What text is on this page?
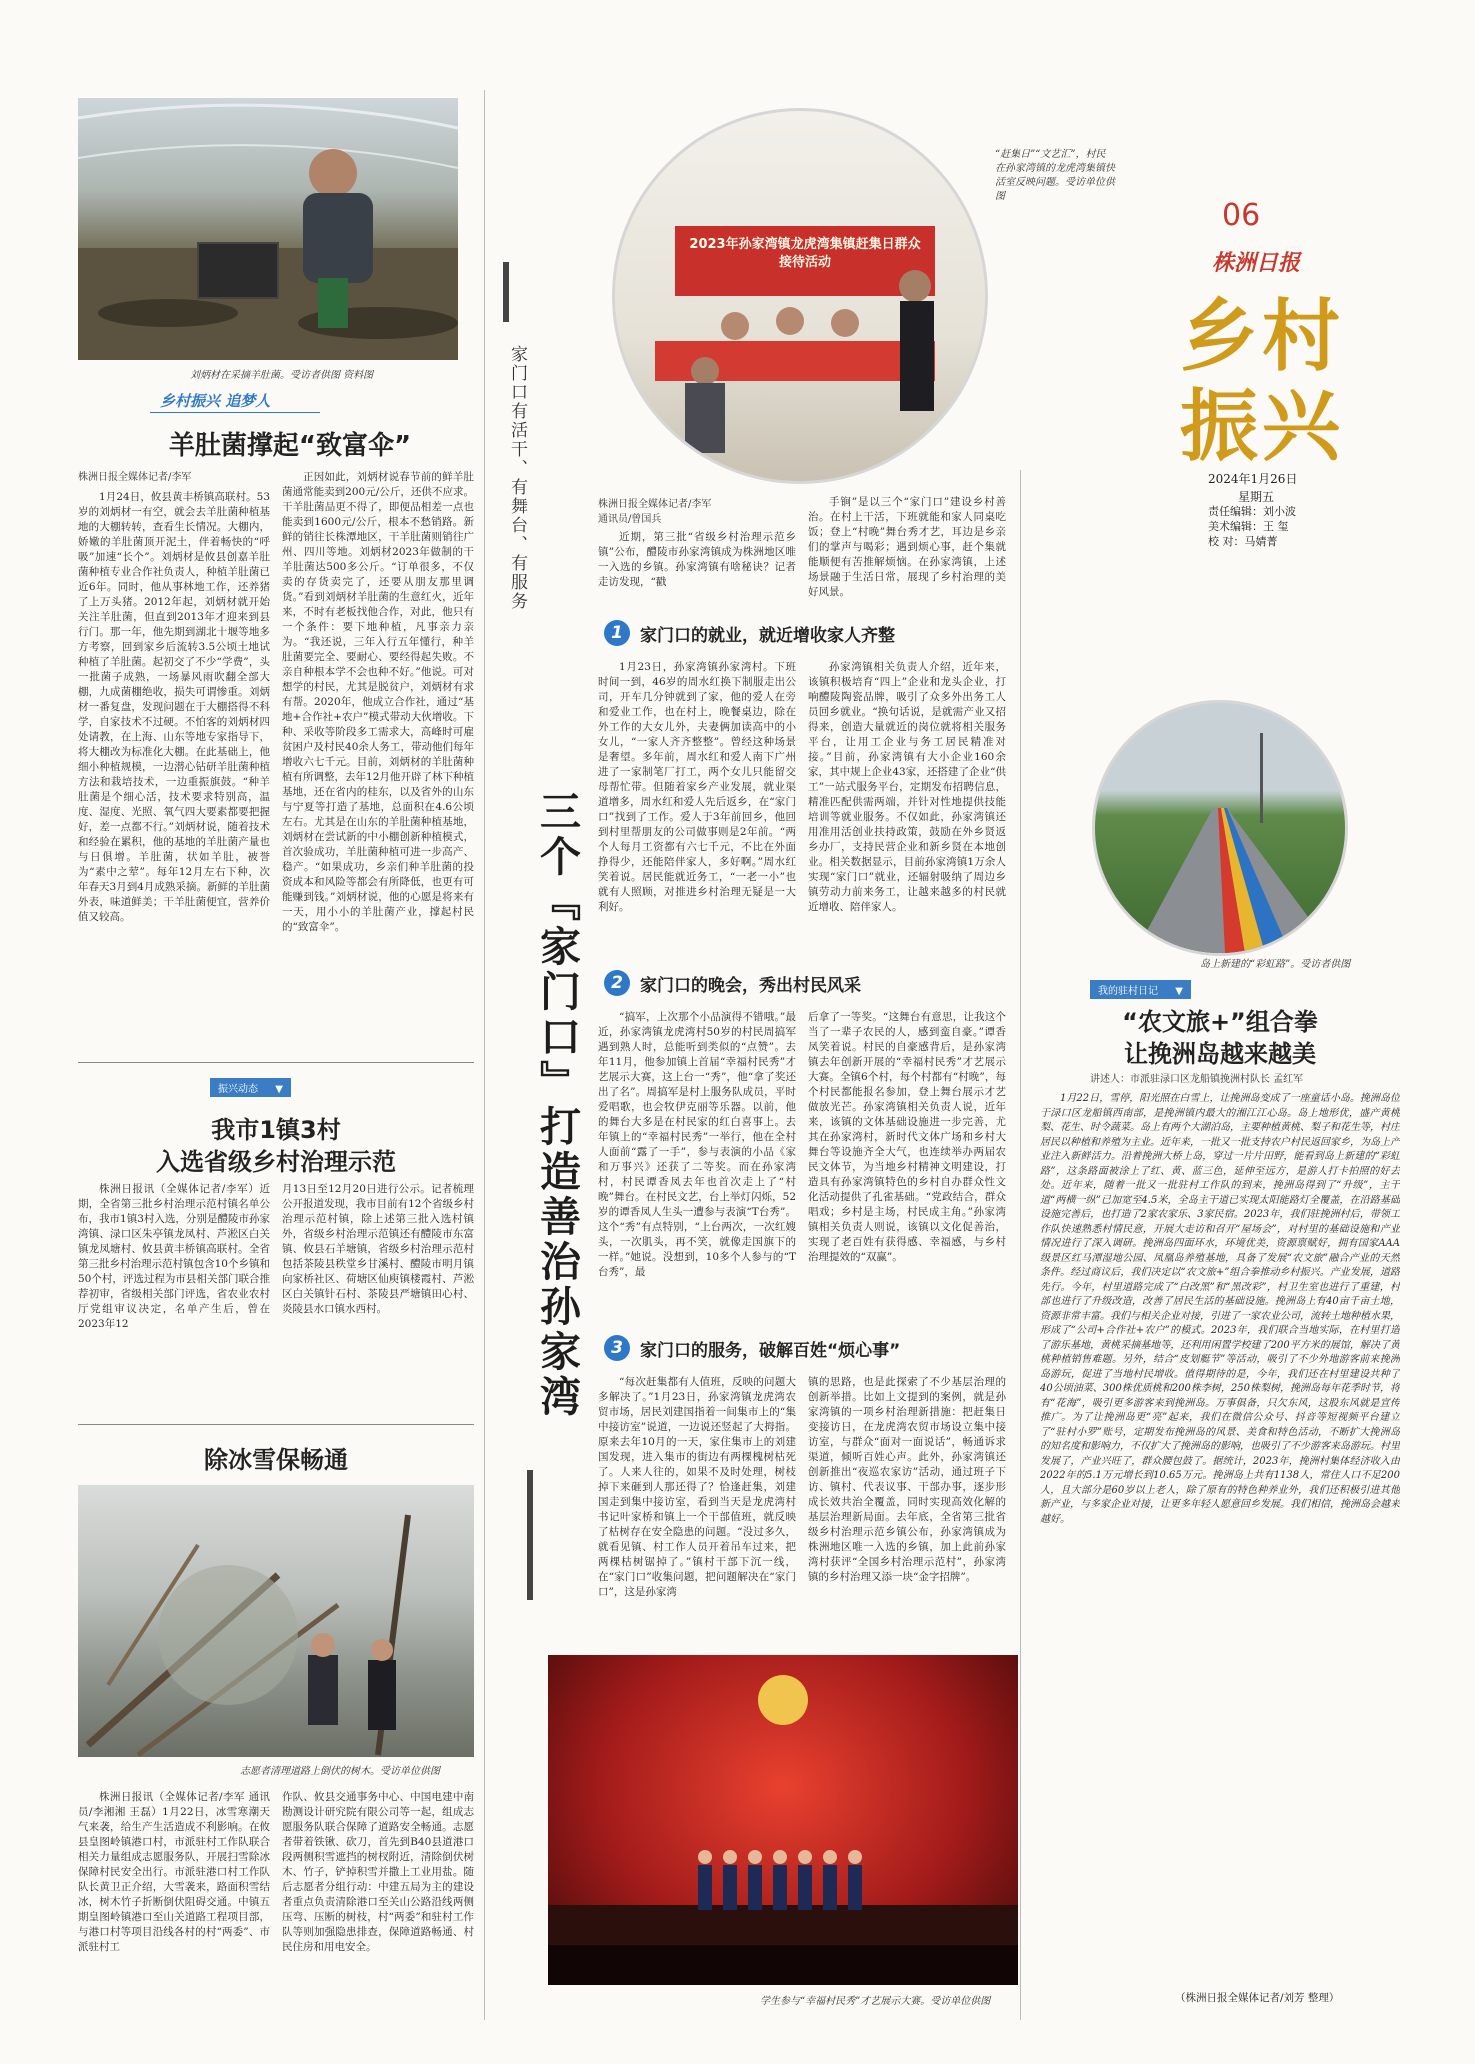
刘炳材在采摘羊肚菌。受访者供图 资料图
乡村振兴 追梦人
羊肚菌撑起“致富伞”
株洲日报全媒体记者/李军

1月24日，攸县黄丰桥镇高联村。53岁的刘炳材一有空，就会去羊肚菌种植基地的大棚转转，查看生长情况。大棚内，娇嫩的羊肚菌顶开泥土，伴着畅快的“呼吸”加速“长个”。刘炳材是攸县创嘉羊肚菌种植专业合作社负责人，种植羊肚菌已近6年。同时，他从事林地工作，还养猪了上万头猪。2012年起，刘炳材就开始关注羊肚菌，但直到2013年才迎来到县行门。那一年，他先期到湖北十堰等地多方考察，回到家乡后流转3.5公顷土地试种植了羊肚菌。起初交了不少“学费”，头一批菌子成熟，一场暴风雨吹翻全部大棚，九成菌棚绝收，损失可谓惨重。刘炳材一番复盘，发现问题在于大棚搭得不科学，自家技术不过硬。不怕客的刘炳材四处请教，在上海、山东等地专家指导下，将大棚改为标准化大棚。在此基础上，他细小种植规模，一边潜心钻研羊肚菌种植方法和栽培技术，一边重振旗鼓。“种羊肚菌是个细心活，技术要求特别高，温度、湿度、光照、氧气四大要素都要把握好，差一点都不行。”刘炳材说，随着技术和经验在累积，他的基地的羊肚菌产量也与日俱增。羊肚菌，状如羊肚，被誉为“素中之荤”。每年12月左右下种，次年春天3月到4月成熟采摘。新鲜的羊肚菌外表，味道鲜美；干羊肚菌便宜，营养价值又较高。

正因如此，刘炳材说春节前的鲜羊肚菌通常能卖到200元/公斤，还供不应求。干羊肚菌品更不得了，即便品相差一点也能卖到1600元/公斤，根本不愁销路。新鲜的销往长株潭地区，干羊肚菌则销往广州、四川等地。刘炳材2023年做制的干羊肚菌达500多公斤。“订单很多，不仅卖的存货卖完了，还要从朋友那里调货。”看到刘炳材羊肚菌的生意红火，近年来，不时有老板找他合作，对此，他只有一个条件：要下地种植，凡事亲力亲为。“我还说，三年入行五年懂行，种羊肚菌要完全、要耐心、要经得起失败。不亲自种根本学不会也种不好。”他说。可对想学的村民，尤其是脱贫户，刘炳材有求有帮。2020年，他成立合作社，通过“基地+合作社+农户”模式带动大伙增收。下种、采收等阶段多工需求大，高峰时可雇贫困户及村民40余人务工，带动他们每年增收六七千元。目前，刘炳材的羊肚菌种植有所调整，去年12月他开辟了林下种植基地，还在省内的桂东，以及省外的山东与宁夏等打造了基地，总面积在4.6公顷左右。尤其是在山东的羊肚菌种植基地，刘炳材在尝试新的中小棚创新种植模式，首次验成功，羊肚菌种植可进一步高产、稳产。“如果成功，乡亲们种羊肚菌的投资成本和风险等都会有所降低，也更有可能赚到钱。”刘炳材说，他的心愿是将来有一天，用小小的羊肚菌产业，撑起村民的“致富伞”。

振兴动态 ▼
我市1镇3村
入选省级乡村治理示范

株洲日报讯（全媒体记者/李军）近期，全省第三批乡村治理示范村镇名单公布，我市1镇3村入选，分别是醴陵市孙家湾镇、渌口区朱亭镇龙凤村、芦淞区白关镇龙凤塘村、攸县黄丰桥镇高联村。全省第三批乡村治理示范村镇包含10个乡镇和50个村，评选过程为市县相关部门联合推荐初审，省级相关部门评选，省农业农村厅党组审议决定，名单产生后，曾在2023年12

月13日至12月20日进行公示。记者梳理公开报道发现，我市目前有12个省级乡村治理示范村镇，除上述第三批入选村镇外，省级乡村治理示范镇还有醴陵市东富镇、攸县石羊塘镇，省级乡村治理示范村包括茶陵县秩堂乡甘溪村、醴陵市明月镇向家桥社区、荷塘区仙庾镇楼霞村、芦淞区白关镇针石村、茶陵县严塘镇田心村、炎陵县水口镇水西村。

除冰雪保畅通
志愿者清理道路上倒伏的树木。受访单位供图

株洲日报讯（全媒体记者/李军 通讯员/李湘湘 王磊）1月22日，冰雪寒潮天气来袭，给生产生活造成不利影响。在攸县皇图岭镇港口村，市派驻村工作队联合相关力量组成志愿服务队，开展扫雪除冰保障村民安全出行。市派驻港口村工作队队长黄卫正介绍，大雪袭来，路面积雪结冰，树木竹子折断倒伏阻碍交通。中镇五期皇图岭镇港口至山关道路工程项目部，与港口村等项目沿线各村的村“两委”、市派驻村工

作队、攸县交通事务中心、中国电建中南勘测设计研究院有限公司等一起，组成志愿服务队联合保障了道路安全畅通。志愿者带着铁锹、砍刀，首先到B40县道港口段两侧积雪遮挡的树杈附近，清除倒伏树木、竹子，铲掉积雪并撒上工业用盐。随后志愿者分组行动：中建五局为主的建设者重点负责清除港口至关山公路沿线两侧压弯、压断的树枝，村“两委”和驻村工作队等则加强隐患排查，保障道路畅通、村民住房和用电安全。

2023年孙家湾镇龙虎湾集镇赶集日群众接待活动
“赶集日”“文艺汇”，村民在孙家湾镇的龙虎湾集镇快活室反映问题。受访单位供图
家门口有活干、有舞台、有服务
三个『家门口』打造善治孙家湾
株洲日报全媒体记者/李军
通讯员/曾国兵

近期，第三批“省级乡村治理示范乡镇”公布，醴陵市孙家湾镇成为株洲地区唯一入选的乡镇。孙家湾镇有啥秘诀？记者走访发现，“戳

手锏”是以三个“家门口”建设乡村善治。在村上干活，下班就能和家人同桌吃饭；登上“村晚”舞台秀才艺，耳边是乡亲们的掌声与喝彩；遇到烦心事，赶个集就能顺便有苦推解烦恼。在孙家湾镇，上述场景融于生活日常，展现了乡村治理的美好风景。

1	家门口的就业，就近增收家人齐整

1月23日，孙家湾镇孙家湾村。下班时间一到，46岁的周水红换下制服走出公司，开车几分钟就到了家，他的爱人在旁和爱业工作，也在村上，晚餐桌边，除在外工作的大女儿外，夫妻俩加读高中的小女儿，“一家人齐齐整整”。曾经这种场景是奢望。多年前，周水红和爱人南下广州进了一家制笔厂打工，两个女儿只能留交母帮忙带。但随着家乡产业发展，就业渠道增多，周水红和爱人先后返乡，在“家门口”找到了工作。爱人于3年前回乡，他回到村里帮朋友的公司做事则是2年前。“两个人每月工资都有六七千元，不比在外面挣得少，还能陪伴家人，多好啊。”周水红笑着说。居民能就近务工，“一老一小”也就有人照顾，对推进乡村治理无疑是一大利好。

孙家湾镇相关负责人介绍，近年来，该镇积极培育“四上”企业和龙头企业，打响醴陵陶瓷品牌，吸引了众多外出务工人员回乡就业。“换句话说，是就需产业又招得来，创造大量就近的岗位就将相关服务平台，让用工企业与务工居民精准对接。”目前，孙家湾镇有大小企业160余家，其中规上企业43家，还搭建了企业“供工”一站式服务平台，定期发布招聘信息，精准匹配供需两端，并针对性地提供技能培训等就业服务。不仅如此，孙家湾镇还用准用活创业扶持政策，鼓励在外乡贤返乡办厂，支持民营企业和新乡贤在本地创业。相关数据显示，目前孙家湾镇1万余人实现“家门口”就业，还辐射吸纳了周边乡镇劳动力前来务工，让越来越多的村民就近增收、陪伴家人。

2	家门口的晚会，秀出村民风采

“搞军，上次那个小品演得不错哦。”最近，孙家湾镇龙虎湾村50岁的村民周搞军遇到熟人时，总能听到类似的“点赞”。去年11月，他参加镇上首届“幸福村民秀”才艺展示大赛，这上台一“秀”，他“拿了奖还出了名”。周搞军是村上服务队成员，平时爱唱歌，也会牧伊克丽等乐器。以前，他的舞台大多是在村民家的红白喜事上。去年镇上的“幸福村民秀”一举行，他在全村人面前“露了一手”，参与表演的小品《家和万事兴》还获了二等奖。而在孙家湾村，村民谭香凤去年也首次走上了“村晚”舞台。在村民文艺，台上举灯闪烁，52岁的谭香凤人生头一遭参与表演“T台秀”。这个“秀”有点特别，“上台两次，一次红嫂头，一次肌头，再不笑，就像走国旗下的一样。”她说。没想到，10多个人参与的“T台秀”，最

后拿了一等奖。“这舞台有意思，让我这个当了一辈子农民的人，感到蛮自豪。”谭香凤笑着说。村民的自豪感背后，是孙家湾镇去年创新开展的“幸福村民秀”才艺展示大赛。全镇6个村，每个村都有“村晚”，每个村民都能报名参加，登上舞台展示才艺做放光芒。孙家湾镇相关负责人说，近年来，该镇的文体基础设施进一步完善，尤其在孙家湾村，新时代文体广场和乡村大舞台等设施齐全大气，也连续举办两届农民文体节，为当地乡村精神文明建设，打造具有孙家湾镇特色的乡村自办群众性文化活动提供了孔雀基础。“党政结合，群众唱戏；乡村是主场，村民成主角。”孙家湾镇相关负责人则说，该镇以文化促善治，实现了老百姓有获得感、幸福感，与乡村治理提效的“双赢”。

3	家门口的服务，破解百姓“烦心事”

“每次赶集都有人值班，反映的问题大多解决了。”1月23日，孙家湾镇龙虎湾农贸市场，居民刘建国指着一间集市上的“集中接访室”说道，一边说还竖起了大拇指。原来去年10月的一天，家住集市上的刘建国发现，进入集市的街边有两棵槐树枯死了。人来人往的，如果不及时处理，树枝掉下来砸到人那还得了？恰逢赶集，刘建国走到集中接访室，看到当天是龙虎湾村书记叶家桥和镇上一个干部值班，就反映了枯树存在安全隐患的问题。“没过多久，就看见镇、村工作人员开着吊车过来，把两棵枯树锯掉了。”镇村干部下沉一线，在“家门口”收集问题，把问题解决在“家门口”，这是孙家湾

镇的思路，也是此探索了不少基层治理的创新举措。比如上文提到的案例，就是孙家湾镇的一项乡村治理新措施：把赶集日变接访日，在龙虎湾农贸市场设立集中接访室，与群众“面对一面说话”，畅通诉求渠道，倾听百姓心声。此外，孙家湾镇还创新推出“夜巡农家访”活动，通过班子下访、镇村、代表议事、干部办事，逐步形成长效共治全覆盖，同时实现高效化解的基层治理新局面。去年底，全省第三批省级乡村治理示范乡镇公布，孙家湾镇成为株洲地区唯一入选的乡镇，加上此前孙家湾村获评“全国乡村治理示范村”，孙家湾镇的乡村治理又添一块“金字招牌”。

学生参与“幸福村民秀”才艺展示大赛。受访单位供图
06
株洲日报
乡村振兴
2024年1月26日
星期五
责任编辑：刘小波
美术编辑：王 玺
校 对：马婧菁
岛上新建的“彩虹路”。受访者供图
我的驻村日记 ▼
“农文旅+”组合拳
让挽洲岛越来越美
讲述人：市派驻渌口区龙船镇挽洲村队长 孟红军

1月22日，雪停，阳光照在白雪上，让挽洲岛变成了一座童话小岛。挽洲岛位于渌口区龙船镇西南部，是挽洲镇内最大的湘江江心岛。岛上地形优，盛产黄桃梨、花生、时令蔬菜。岛上有两个大湖泊岛，主要种植黄桃、梨子和花生等，村庄居民以种植和养殖为主业。近年来，一批又一批支持农户村民返回家乡，为岛上产业注入新鲜活力。沿着挽洲大桥上岛，穿过一片片田野，能看到岛上新建的“彩虹路”，这条路面被涂上了红、黄、蓝三色，延伸至远方，是游人打卡拍照的好去处。近年来，随着一批又一批驻村工作队的到来，挽洲岛得到了“升级”，主干道“两横一纵”已加宽至4.5米，全岛主干道已实现太阳能路灯全覆盖，在沿路基础设施完善后，也打造了2家农家乐、3家民宿。2023年，我们驻挽洲村后，带领工作队快速熟悉村情民意，开展大走访和召开“屋场会”，对村里的基础设施和产业情况进行了深入调研。挽洲岛四面环水，环境优美，资源禀赋好，拥有国家AAA级景区红马潭湿地公园、凤凰岛养殖基地，具备了发展“农文旅”融合产业的天然条件。经过商议后，我们决定以“农文旅+”组合拳推动乡村振兴。产业发展，道路先行。今年，村里道路完成了“白改黑”和“黑改彩”，村卫生室也进行了重建，村部也进行了升级改造，改善了居民生活的基础设施。挽洲岛上有40亩千亩土地，资源非常丰富。我们与相关企业对接，引进了一家农业公司，流转土地种植水果，形成了“公司+合作社+农户”的模式。2023年，我们联合当地实际，在村里打造了游乐基地，黄桃采摘基地等，还利用闲置学校建了200平方米的展馆，解决了黄桃种植销售难题。另外，结合“皮划艇节”等活动，吸引了不少外地游客前来挽洲岛游玩，促进了当地村民增收。值得期待的是，今年，我们还在村里建设共种了40公顷油菜、300株优质桃和200株李树，250株梨树，挽洲岛每年花季时节，将有“花海”，吸引更多游客来到挽洲岛。万事俱备，只欠东风，这股东风就是宣传推广。为了让挽洲岛更“亮”起来，我们在微信公众号、抖音等短视频平台建立了“驻村小罗”账号，定期发布挽洲岛的风景、美食和特色活动，不断扩大挽洲岛的知名度和影响力，不仅扩大了挽洲岛的影响，也吸引了不少游客来岛游玩。村里发展了，产业兴旺了，群众腰包鼓了。据统计，2023年，挽洲村集体经济收入由2022年的5.1万元增长到10.65万元。挽洲岛上共有1138人，常住人口不足200人，且大部分是60岁以上老人，除了原有的特色种养业外，我们还积极引进其他新产业，与多家企业对接，让更多年轻人愿意回乡发展。我们相信，挽洲岛会越来越好。

（株洲日报全媒体记者/刘芳 整理）
